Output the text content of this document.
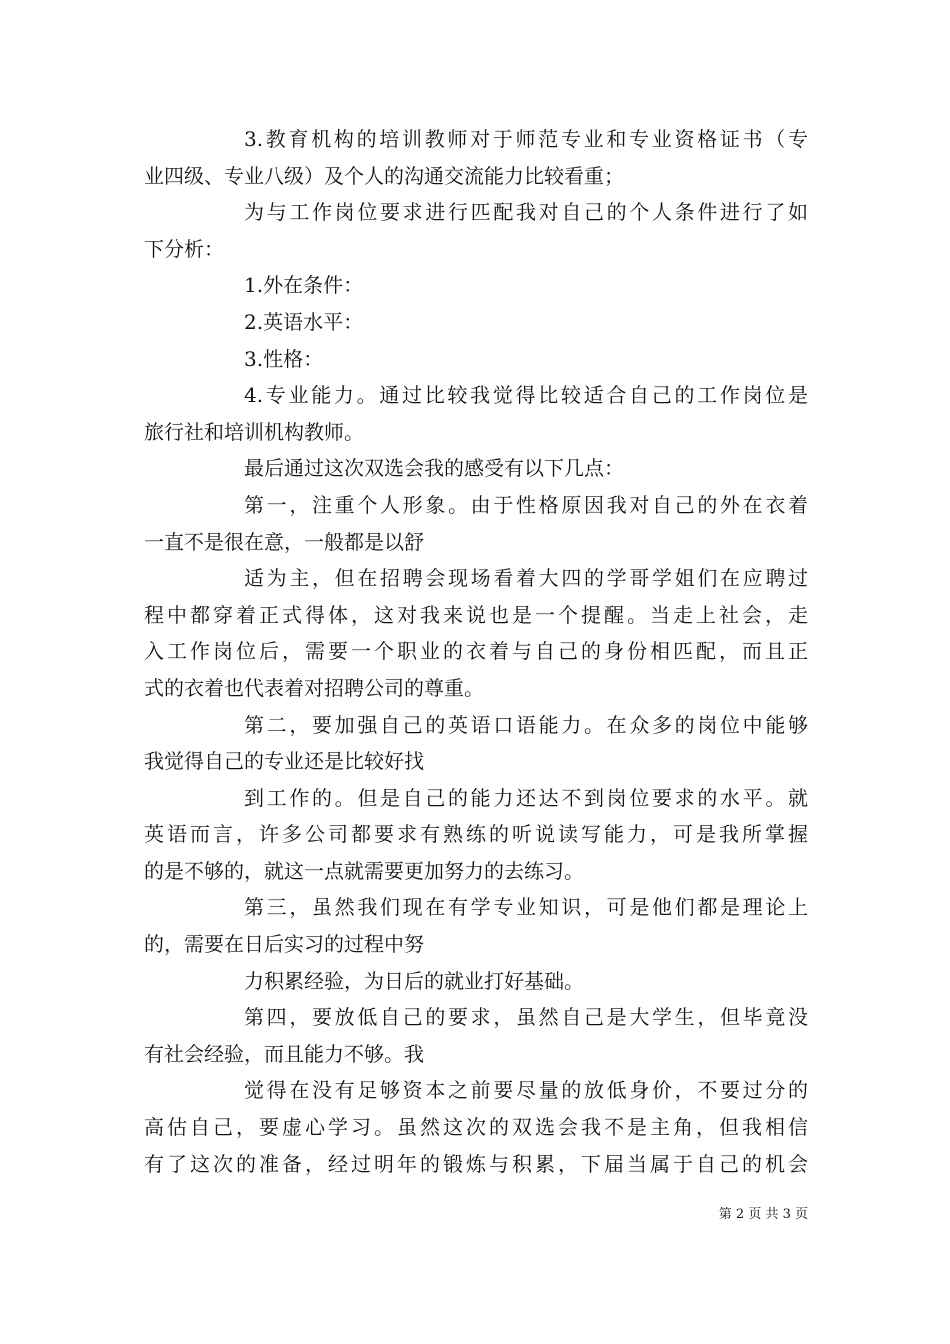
3.教育机构的培训教师对于师范专业和专业资格证书（专
业四级、专业八级）及个人的沟通交流能力比较看重；
为与工作岗位要求进行匹配我对自己的个人条件进行了如
下分析：
1.外在条件：
2.英语水平：
3.性格：
4.专业能力。通过比较我觉得比较适合自己的工作岗位是
旅行社和培训机构教师。
最后通过这次双选会我的感受有以下几点：
第一，注重个人形象。由于性格原因我对自己的外在衣着
一直不是很在意，一般都是以舒
适为主，但在招聘会现场看着大四的学哥学姐们在应聘过
程中都穿着正式得体，这对我来说也是一个提醒。当走上社会，走
入工作岗位后，需要一个职业的衣着与自己的身份相匹配，而且正
式的衣着也代表着对招聘公司的尊重。
第二，要加强自己的英语口语能力。在众多的岗位中能够
我觉得自己的专业还是比较好找
到工作的。但是自己的能力还达不到岗位要求的水平。就
英语而言，许多公司都要求有熟练的听说读写能力，可是我所掌握
的是不够的，就这一点就需要更加努力的去练习。
第三，虽然我们现在有学专业知识，可是他们都是理论上
的，需要在日后实习的过程中努
力积累经验，为日后的就业打好基础。
第四，要放低自己的要求，虽然自己是大学生，但毕竟没
有社会经验，而且能力不够。我
觉得在没有足够资本之前要尽量的放低身价，不要过分的
高估自己，要虚心学习。虽然这次的双选会我不是主角，但我相信
有了这次的准备，经过明年的锻炼与积累，下届当属于自己的机会
第 2 页 共 3 页
